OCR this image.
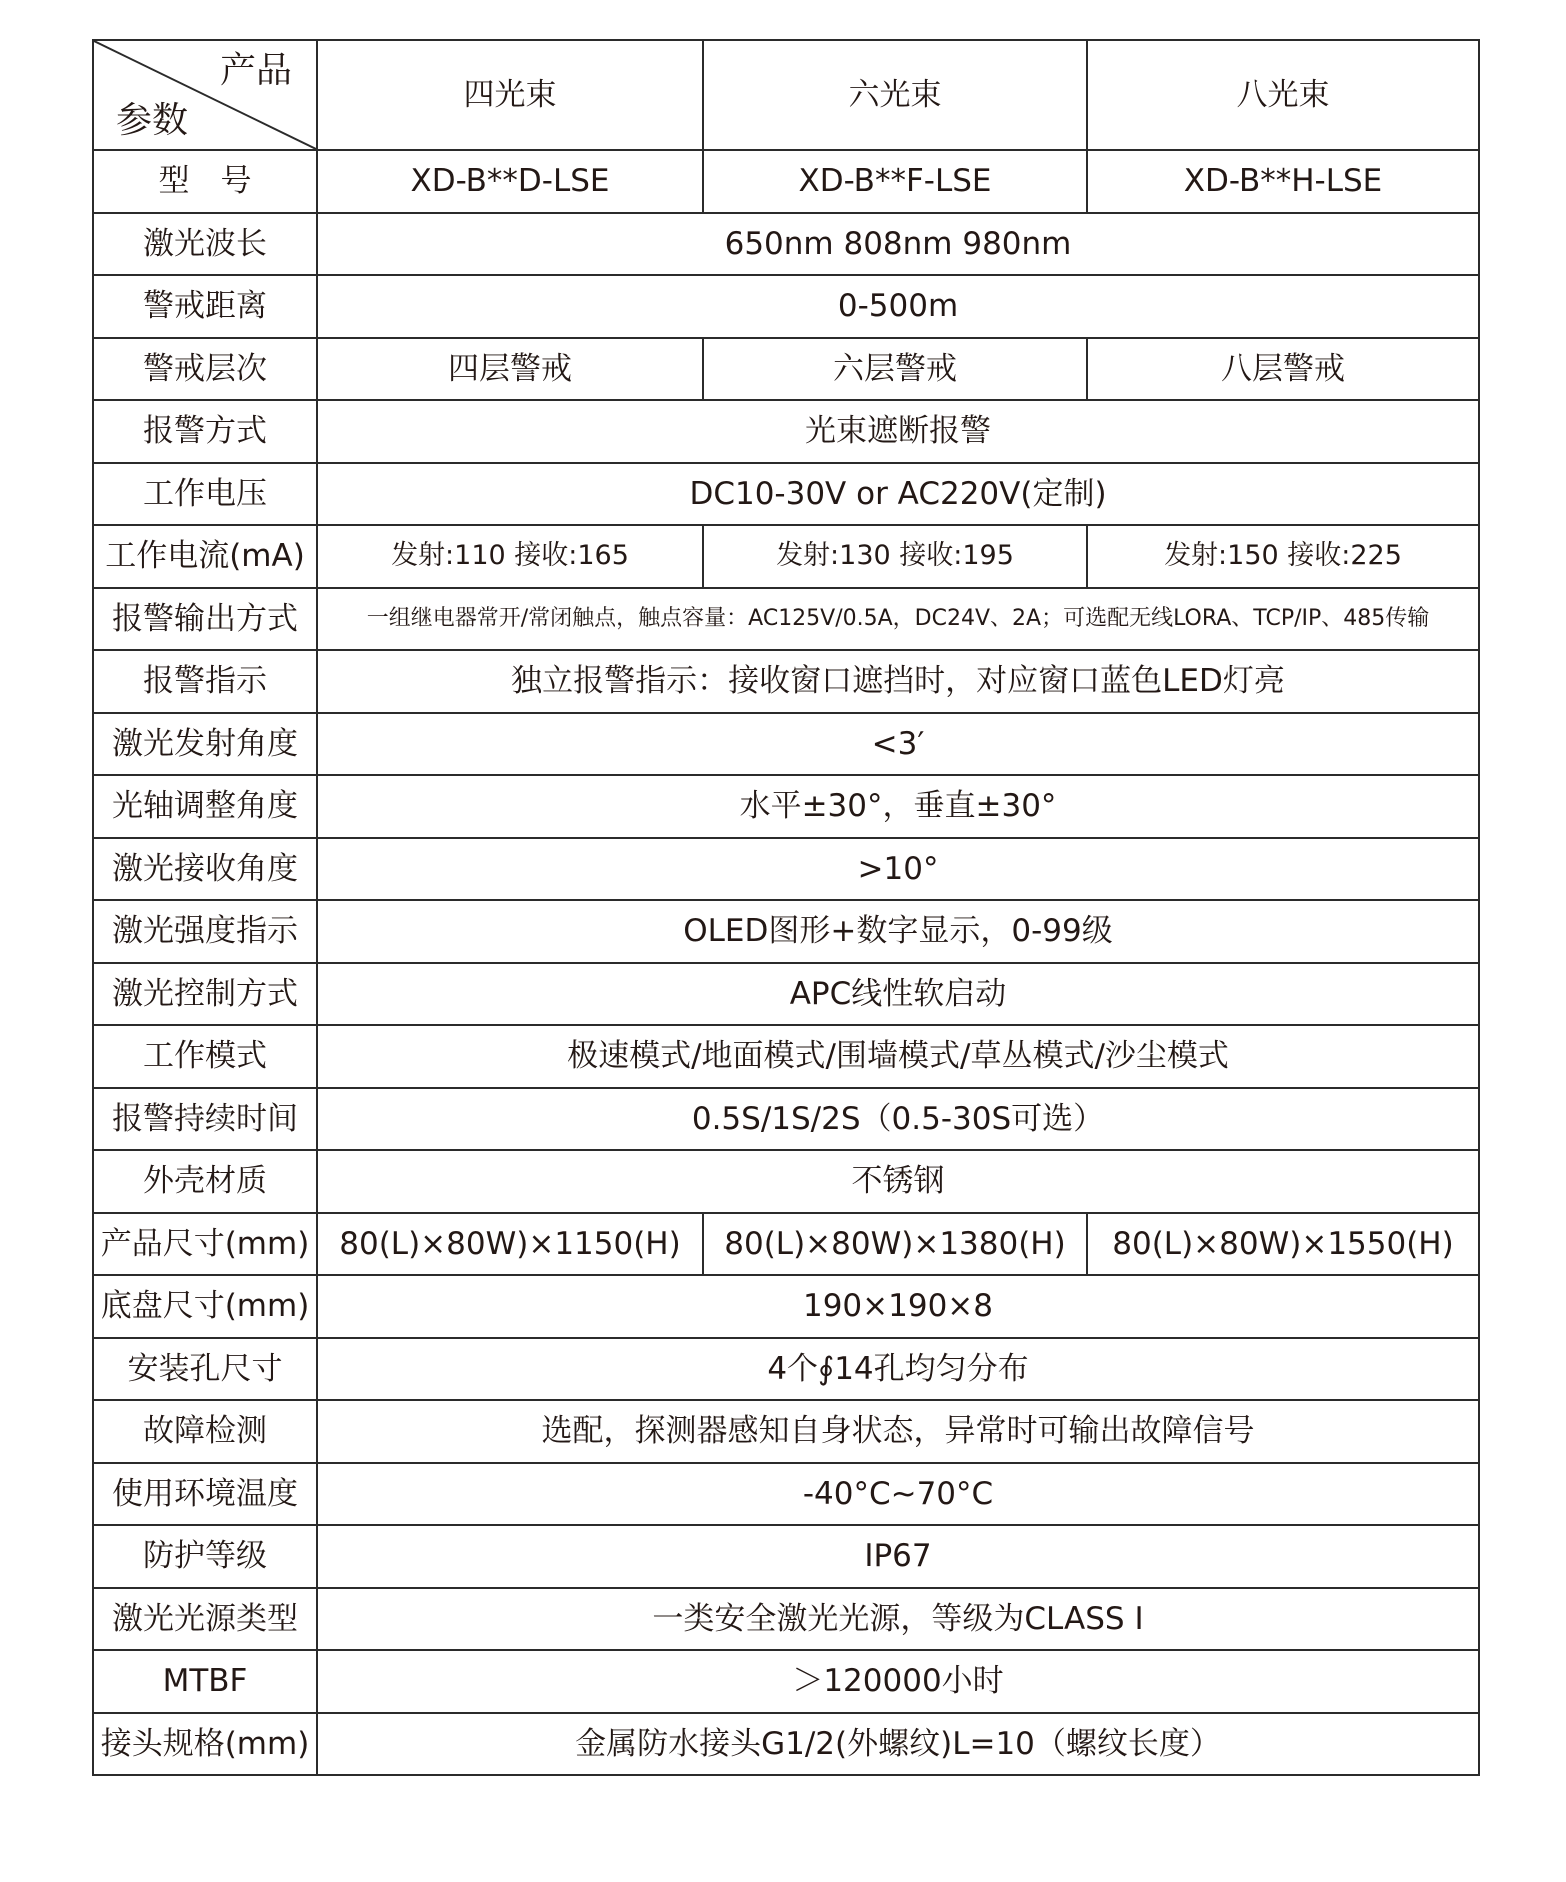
产品
参数	四光束	六光束	八光束
型　号	XD-B**D-LSE	XD-B**F-LSE	XD-B**H-LSE
激光波长	650nm 808nm 980nm		
警戒距离	0-500m		
警戒层次	四层警戒	六层警戒	八层警戒
报警方式	光束遮断报警		
工作电压	DC10-30V or AC220V(定制)		
工作电流(mA)	发射:110 接收:165	发射:130 接收:195	发射:150 接收:225
报警输出方式	一组继电器常开/常闭触点，触点容量：AC125V/0.5A，DC24V、2A；可选配无线LORA、TCP/IP、485传输		
报警指示	独立报警指示：接收窗口遮挡时，对应窗口蓝色LED灯亮		
激光发射角度	<3′		
光轴调整角度	水平±30°，垂直±30°		
激光接收角度	>10°		
激光强度指示	OLED图形+数字显示，0-99级		
激光控制方式	APC线性软启动		
工作模式	极速模式/地面模式/围墙模式/草丛模式/沙尘模式		
报警持续时间	0.5S/1S/2S（0.5-30S可选）		
外壳材质	不锈钢		
产品尺寸(mm)	80(L)×80W)×1150(H)	80(L)×80W)×1380(H)	80(L)×80W)×1550(H)
底盘尺寸(mm)	190×190×8		
安装孔尺寸	4个∮14孔均匀分布		
故障检测	选配，探测器感知自身状态，异常时可输出故障信号		
使用环境温度	-40°C~70°C		
防护等级	IP67		
激光光源类型	一类安全激光光源，等级为CLASS Ⅰ		
MTBF	＞120000小时		
接头规格(mm)	金属防水接头G1/2(外螺纹)L=10（螺纹长度）		
